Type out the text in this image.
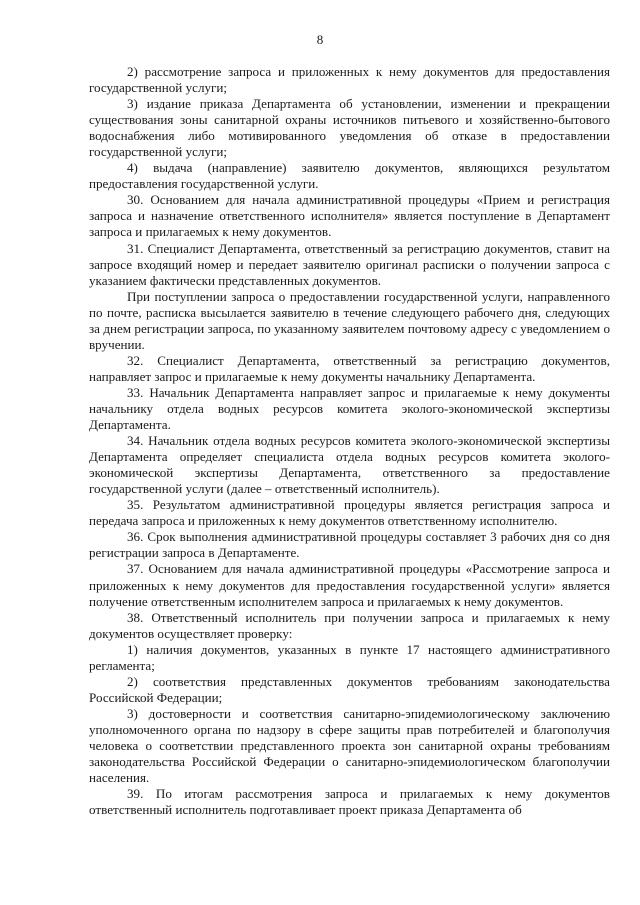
8

2) рассмотрение запроса и приложенных к нему документов для предоставления государственной услуги;

3) издание приказа Департамента об установлении, изменении и прекращении существования зоны санитарной охраны источников питьевого и хозяйственно-бытового водоснабжения либо мотивированного уведомления об отказе в предоставлении государственной услуги;

4) выдача (направление) заявителю документов, являющихся результатом предоставления государственной услуги.

30. Основанием для начала административной процедуры «Прием и регистрация запроса и назначение ответственного исполнителя» является поступление в Департамент запроса и прилагаемых к нему документов.

31. Специалист Департамента, ответственный за регистрацию документов, ставит на запросе входящий номер и передает заявителю оригинал расписки о получении запроса с указанием фактически представленных документов.

При поступлении запроса о предоставлении государственной услуги, направленного по почте, расписка высылается заявителю в течение следующего рабочего дня, следующих за днем регистрации запроса, по указанному заявителем почтовому адресу с уведомлением о вручении.

32. Специалист Департамента, ответственный за регистрацию документов, направляет запрос и прилагаемые к нему документы начальнику Департамента.

33. Начальник Департамента направляет запрос и прилагаемые к нему документы начальнику отдела водных ресурсов комитета эколого-экономической экспертизы Департамента.

34. Начальник отдела водных ресурсов комитета эколого-экономической экспертизы Департамента определяет специалиста отдела водных ресурсов комитета эколого-экономической экспертизы Департамента, ответственного за предоставление государственной услуги (далее – ответственный исполнитель).

35. Результатом административной процедуры является регистрация запроса и передача запроса и приложенных к нему документов ответственному исполнителю.

36. Срок выполнения административной процедуры составляет 3 рабочих дня со дня регистрации запроса в Департаменте.

37. Основанием для начала административной процедуры «Рассмотрение запроса и приложенных к нему документов для предоставления государственной услуги» является получение ответственным исполнителем запроса и прилагаемых к нему документов.

38. Ответственный исполнитель при получении запроса и прилагаемых к нему документов осуществляет проверку:

1) наличия документов, указанных в пункте 17 настоящего административного регламента;

2) соответствия представленных документов требованиям законодательства Российской Федерации;

3) достоверности и соответствия санитарно-эпидемиологическому заключению уполномоченного органа по надзору в сфере защиты прав потребителей и благополучия человека о соответствии представленного проекта зон санитарной охраны требованиям законодательства Российской Федерации о санитарно-эпидемиологическом благополучии населения.

39. По итогам рассмотрения запроса и прилагаемых к нему документов ответственный исполнитель подготавливает проект приказа Департамента об
